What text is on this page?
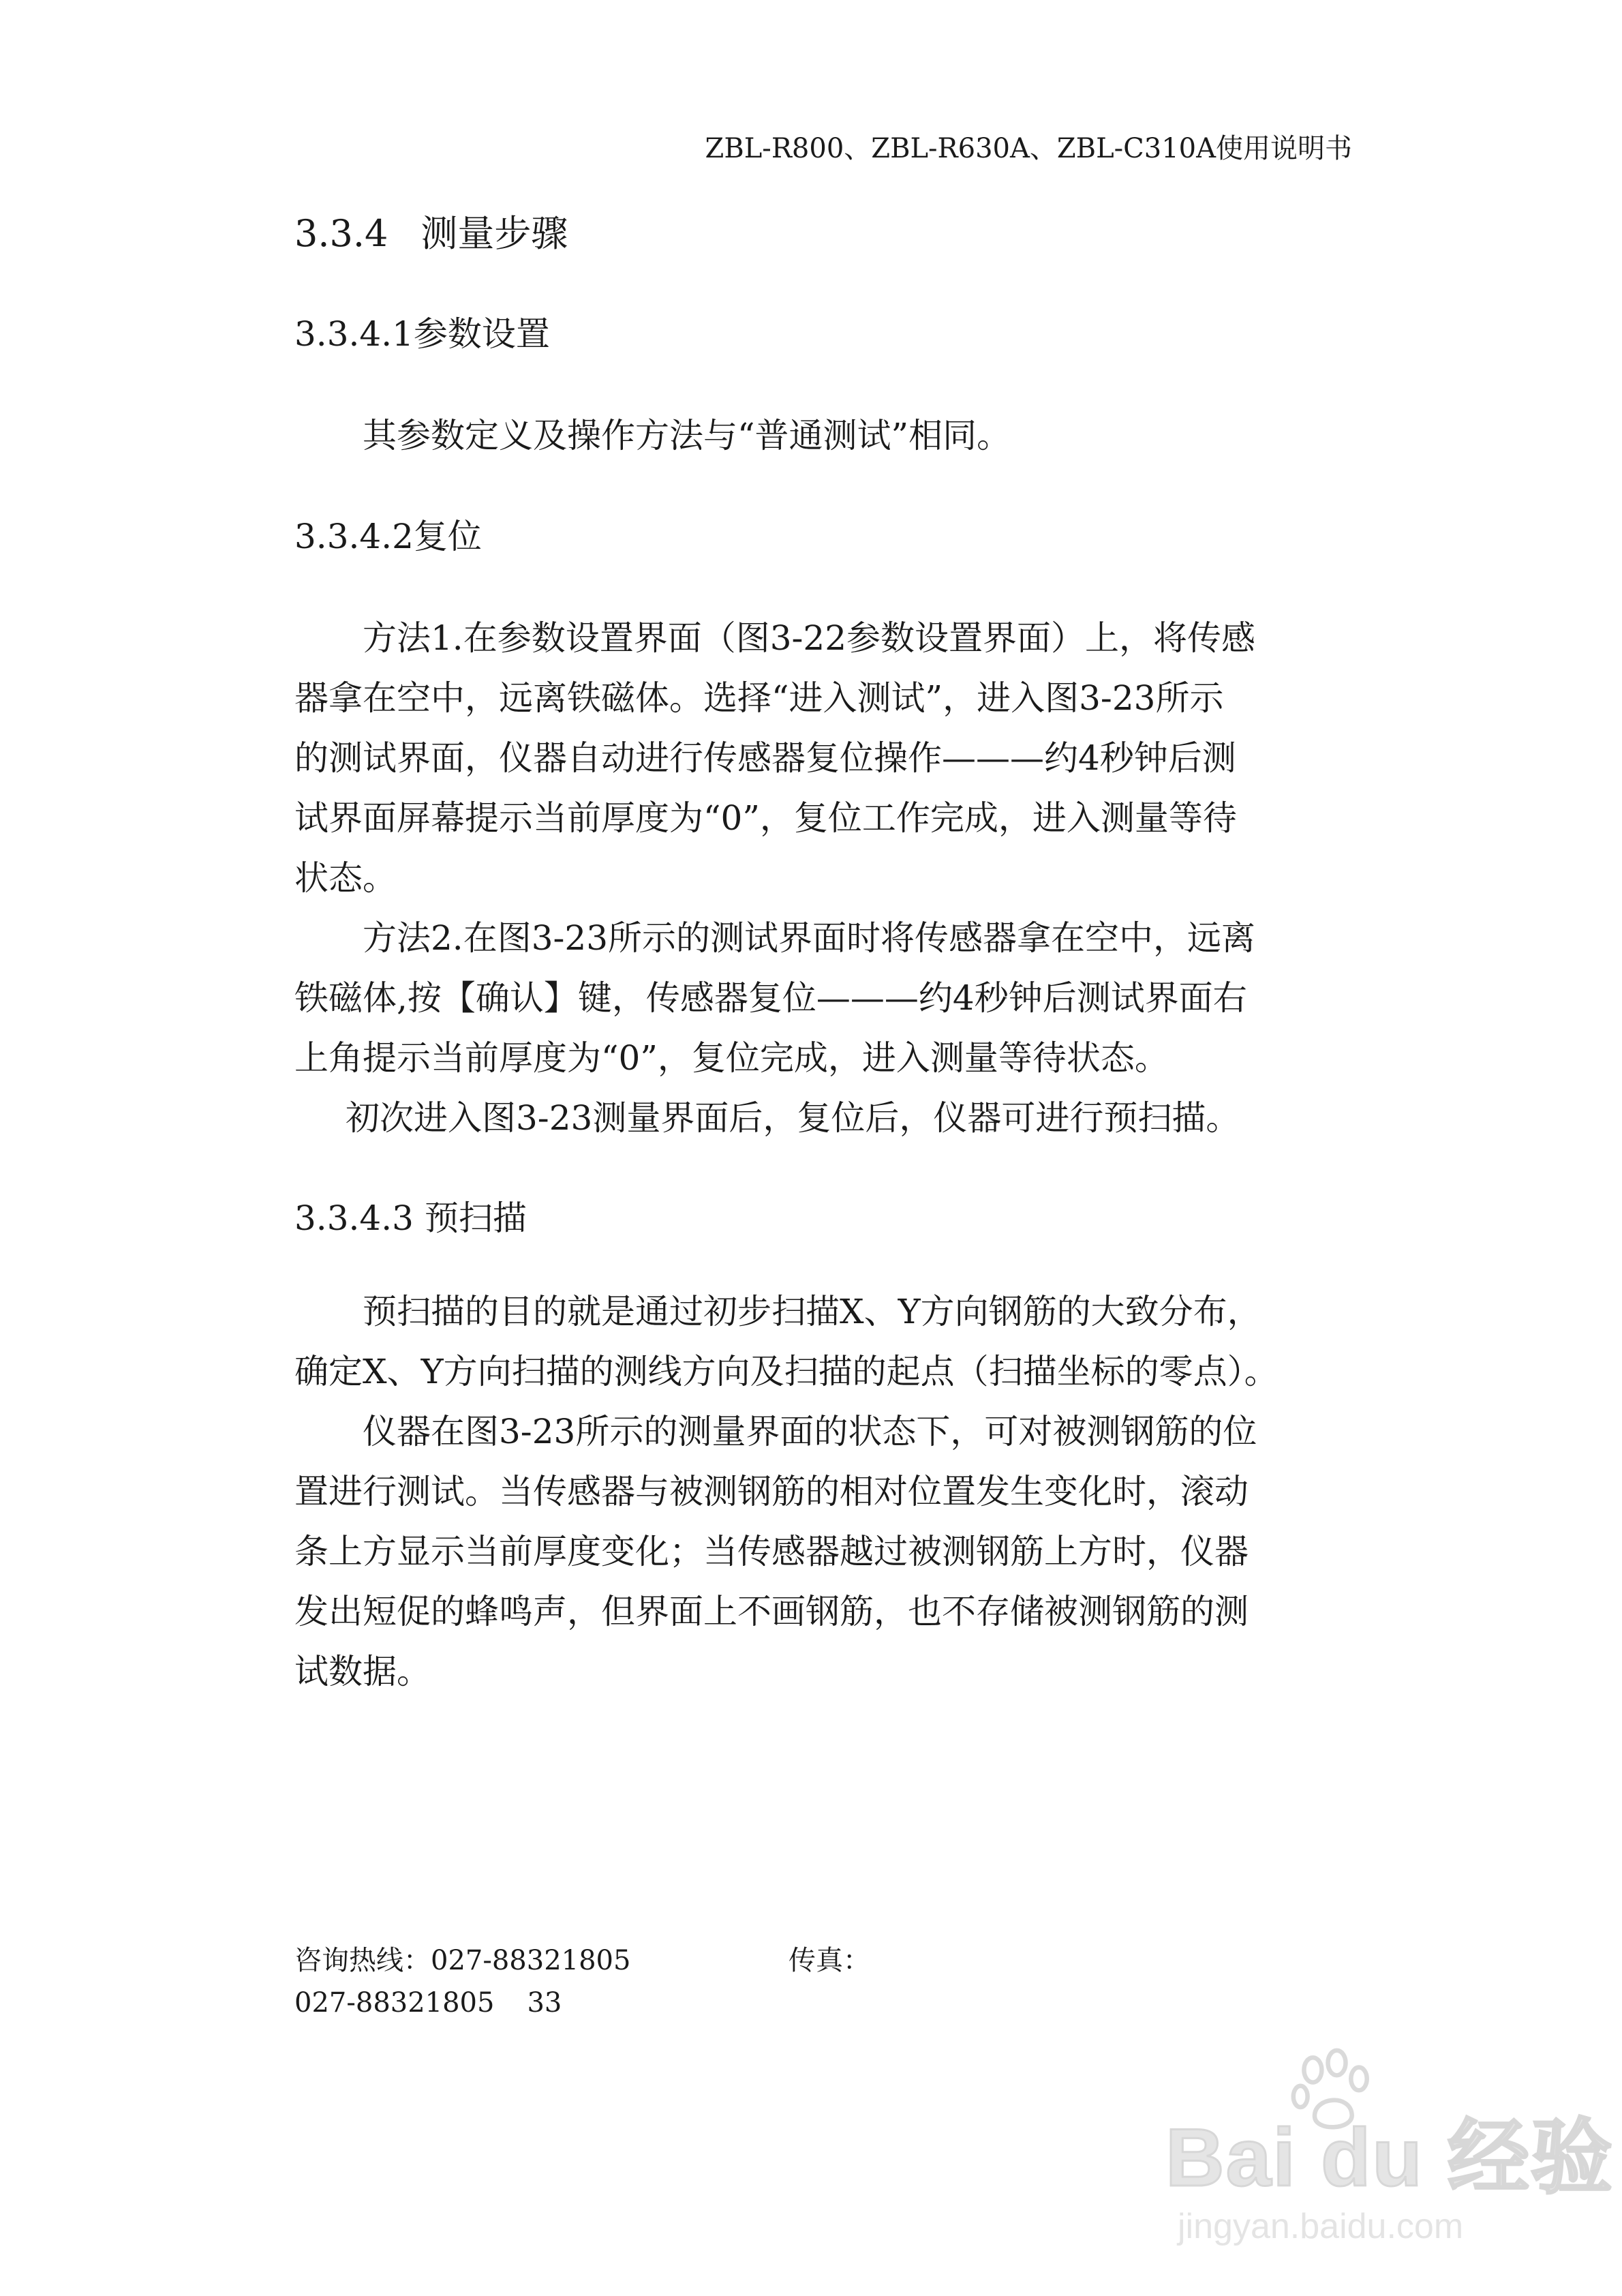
ZBL-R800、ZBL-R630A、ZBL-C310A使用说明书
3.3.4 测量步骤
3.3.4.1参数设置
其参数定义及操作方法与“普通测试”相同。
3.3.4.2复位
方法1.在参数设置界面（图3-22参数设置界面）上，将传感
器拿在空中，远离铁磁体。选择“进入测试”，进入图3-23所示
的测试界面，仪器自动进行传感器复位操作———约4秒钟后测
试界面屏幕提示当前厚度为“0”，复位工作完成，进入测量等待
状态。
方法2.在图3-23所示的测试界面时将传感器拿在空中，远离
铁磁体,按【确认】键，传感器复位———约4秒钟后测试界面右
上角提示当前厚度为“0”，复位完成，进入测量等待状态。
初次进入图3-23测量界面后，复位后，仪器可进行预扫描。
3.3.4.3 预扫描
预扫描的目的就是通过初步扫描X、Y方向钢筋的大致分布，
确定X、Y方向扫描的测线方向及扫描的起点（扫描坐标的零点）。
仪器在图3-23所示的测量界面的状态下，可对被测钢筋的位
置进行测试。当传感器与被测钢筋的相对位置发生变化时，滚动
条上方显示当前厚度变化；当传感器越过被测钢筋上方时，仪器
发出短促的蜂鸣声，但界面上不画钢筋，也不存储被测钢筋的测
试数据。
咨询热线：027-88321805	传真：
027-88321805 33
Bai du 经验
jingyan.baidu.com
